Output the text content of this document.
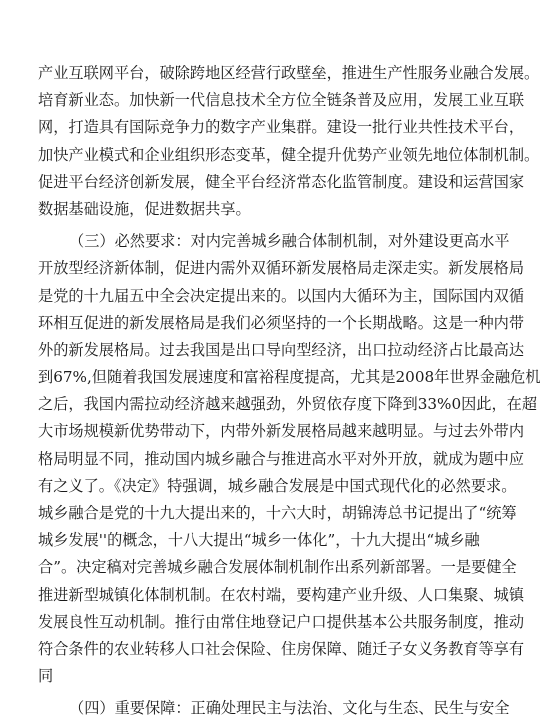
产业互联网平台，破除跨地区经营行政壁垒，推进生产性服务业融合发展。
培育新业态。加快新一代信息技术全方位全链条普及应用，发展工业互联
网，打造具有国际竞争力的数字产业集群。建设一批行业共性技术平台，
加快产业模式和企业组织形态变革，健全提升优势产业领先地位体制机制。
促进平台经济创新发展，健全平台经济常态化监管制度。建设和运营国家
数据基础设施，促进数据共享。
（三）必然要求：对内完善城乡融合体制机制，对外建设更高水平
开放型经济新体制，促进内需外双循环新发展格局走深走实。新发展格局
是党的十九届五中全会决定提出来的。以国内大循环为主，国际国内双循
环相互促进的新发展格局是我们必须坚持的一个长期战略。这是一种内带
外的新发展格局。过去我国是出口导向型经济，出口拉动经济占比最高达
到67%,但随着我国发展速度和富裕程度提高，尤其是2008年世界金融危机
之后，我国内需拉动经济越来越强劲，外贸依存度下降到33%0因此，在超
大市场规模新优势带动下，内带外新发展格局越来越明显。与过去外带内
格局明显不同，推动国内城乡融合与推进高水平对外开放，就成为题中应
有之义了。《决定》特强调，城乡融合发展是中国式现代化的必然要求。
城乡融合是党的十九大提出来的，十六大时，胡锦涛总书记提出了“统筹
城乡发展''的概念，十八大提出“城乡一体化”，十九大提出“城乡融
合”。决定稿对完善城乡融合发展体制机制作出系列新部署。一是要健全
推进新型城镇化体制机制。在农村端，要构建产业升级、人口集聚、城镇
发展良性互动机制。推行由常住地登记户口提供基本公共服务制度，推动
符合条件的农业转移人口社会保险、住房保障、随迁子女义务教育等享有
同
（四）重要保障：正确处理民主与法治、文化与生态、民生与安全
